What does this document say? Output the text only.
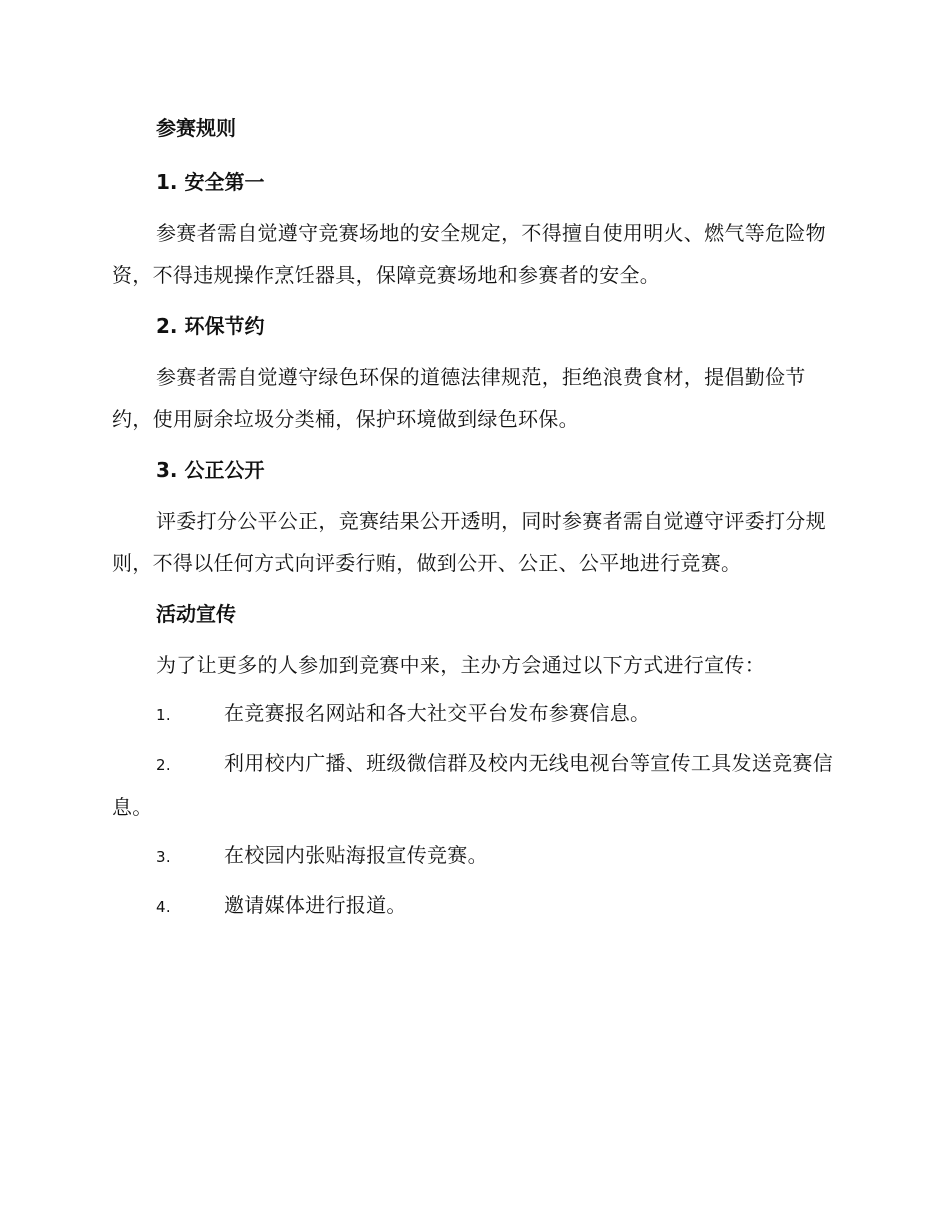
参赛规则
1. 安全第一

参赛者需自觉遵守竞赛场地的安全规定，不得擅自使用明火、燃气等危险物资，不得违规操作烹饪器具，保障竞赛场地和参赛者的安全。

2. 环保节约

参赛者需自觉遵守绿色环保的道德法律规范，拒绝浪费食材，提倡勤俭节约，使用厨余垃圾分类桶，保护环境做到绿色环保。

3. 公正公开

评委打分公平公正，竞赛结果公开透明，同时参赛者需自觉遵守评委打分规则，不得以任何方式向评委行贿，做到公开、公正、公平地进行竞赛。

活动宣传

为了让更多的人参加到竞赛中来，主办方会通过以下方式进行宣传：

1.	在竞赛报名网站和各大社交平台发布参赛信息。

2.	利用校内广播、班级微信群及校内无线电视台等宣传工具发送竞赛信息。

3.	在校园内张贴海报宣传竞赛。

4.	邀请媒体进行报道。
